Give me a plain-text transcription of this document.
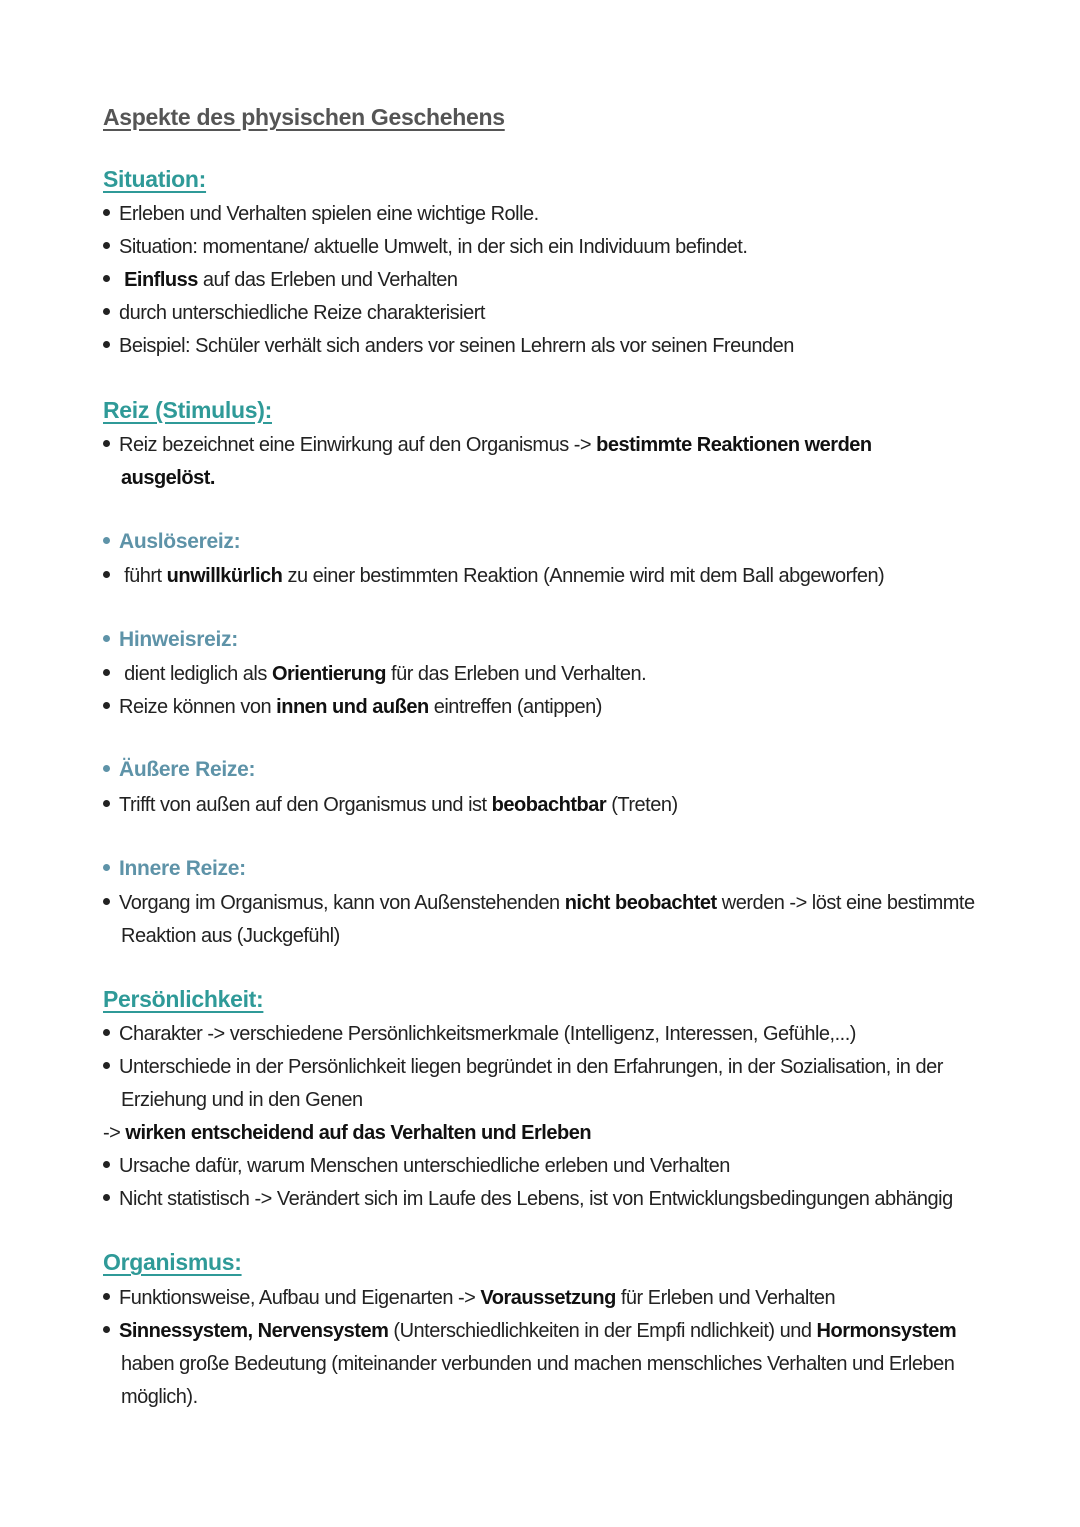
Aspekte des physischen Geschehens
Situation:
Erleben und Verhalten spielen eine wichtige Rolle.
Situation: momentane/ aktuelle Umwelt, in der sich ein Individuum befindet.
Einfluss auf das Erleben und Verhalten
durch unterschiedliche Reize charakterisiert
Beispiel: Schüler verhält sich anders vor seinen Lehrern als vor seinen Freunden
Reiz (Stimulus):
Reiz bezeichnet eine Einwirkung auf den Organismus -> bestimmte Reaktionen werden
ausgelöst.
Auslösereiz:
führt unwillkürlich zu einer bestimmten Reaktion (Annemie wird mit dem Ball abgeworfen)
Hinweisreiz:
dient lediglich als Orientierung für das Erleben und Verhalten.
Reize können von innen und außen eintreffen (antippen)
Äußere Reize:
Trifft von außen auf den Organismus und ist beobachtbar (Treten)
Innere Reize:
Vorgang im Organismus, kann von Außenstehenden nicht beobachtet werden -> löst eine bestimmte
Reaktion aus (Juckgefühl)
Persönlichkeit:
Charakter -> verschiedene Persönlichkeitsmerkmale (Intelligenz, Interessen, Gefühle,...)
Unterschiede in der Persönlichkeit liegen begründet in den Erfahrungen, in der Sozialisation, in der
Erziehung und in den Genen
-> wirken entscheidend auf das Verhalten und Erleben
Ursache dafür, warum Menschen unterschiedliche erleben und Verhalten
Nicht statistisch -> Verändert sich im Laufe des Lebens, ist von Entwicklungsbedingungen abhängig
Organismus:
Funktionsweise, Aufbau und Eigenarten -> Voraussetzung für Erleben und Verhalten
Sinnessystem, Nervensystem (Unterschiedlichkeiten in der Empfi ndlichkeit) und Hormonsystem
haben große Bedeutung (miteinander verbunden und machen menschliches Verhalten und Erleben
möglich).
